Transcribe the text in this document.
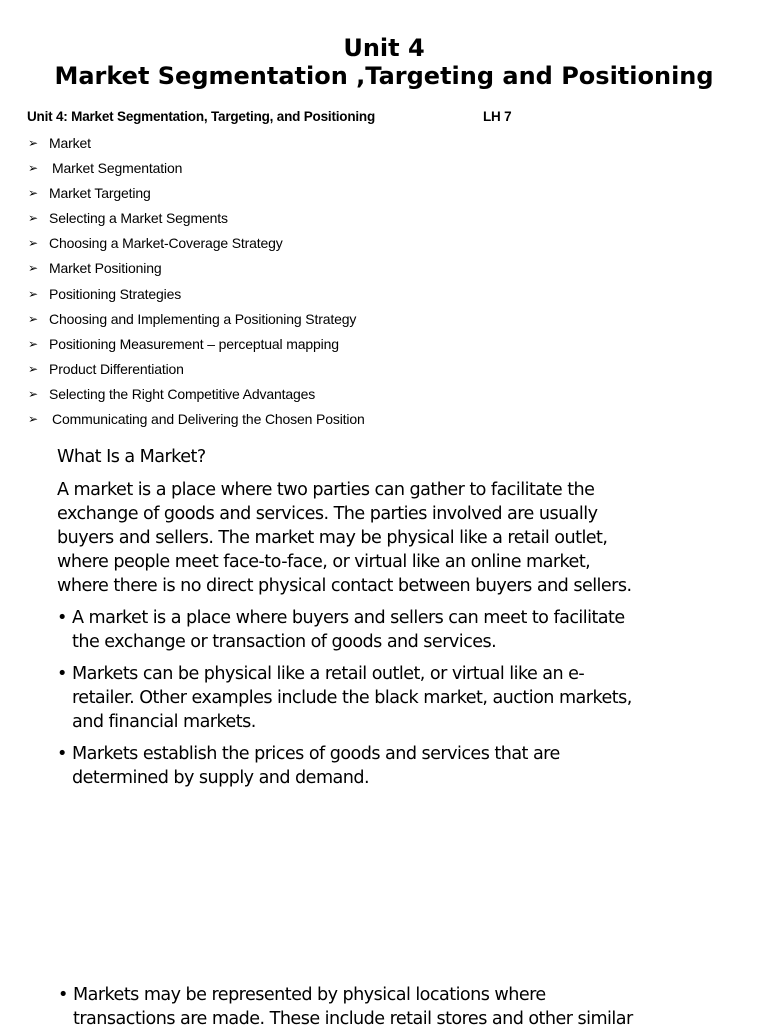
Unit 4
Market Segmentation ,Targeting and Positioning
Unit 4: Market Segmentation, Targeting, and Positioning	LH 7
➢ Market
➢ Market Segmentation
➢ Market Targeting
➢ Selecting a Market Segments
➢ Choosing a Market-Coverage Strategy
➢ Market Positioning
➢ Positioning Strategies
➢ Choosing and Implementing a Positioning Strategy
➢ Positioning Measurement – perceptual mapping
➢ Product Differentiation
➢ Selecting the Right Competitive Advantages
➢ Communicating and Delivering the Chosen Position
What Is a Market?

A market is a place where two parties can gather to facilitate the
exchange of goods and services. The parties involved are usually
buyers and sellers. The market may be physical like a retail outlet,
where people meet face-to-face, or virtual like an online market,
where there is no direct physical contact between buyers and sellers.

• A market is a place where buyers and sellers can meet to facilitate
the exchange or transaction of goods and services.
• Markets can be physical like a retail outlet, or virtual like an e-
retailer. Other examples include the black market, auction markets,
and financial markets.
• Markets establish the prices of goods and services that are
determined by supply and demand.
• Markets may be represented by physical locations where
transactions are made. These include retail stores and other similar
